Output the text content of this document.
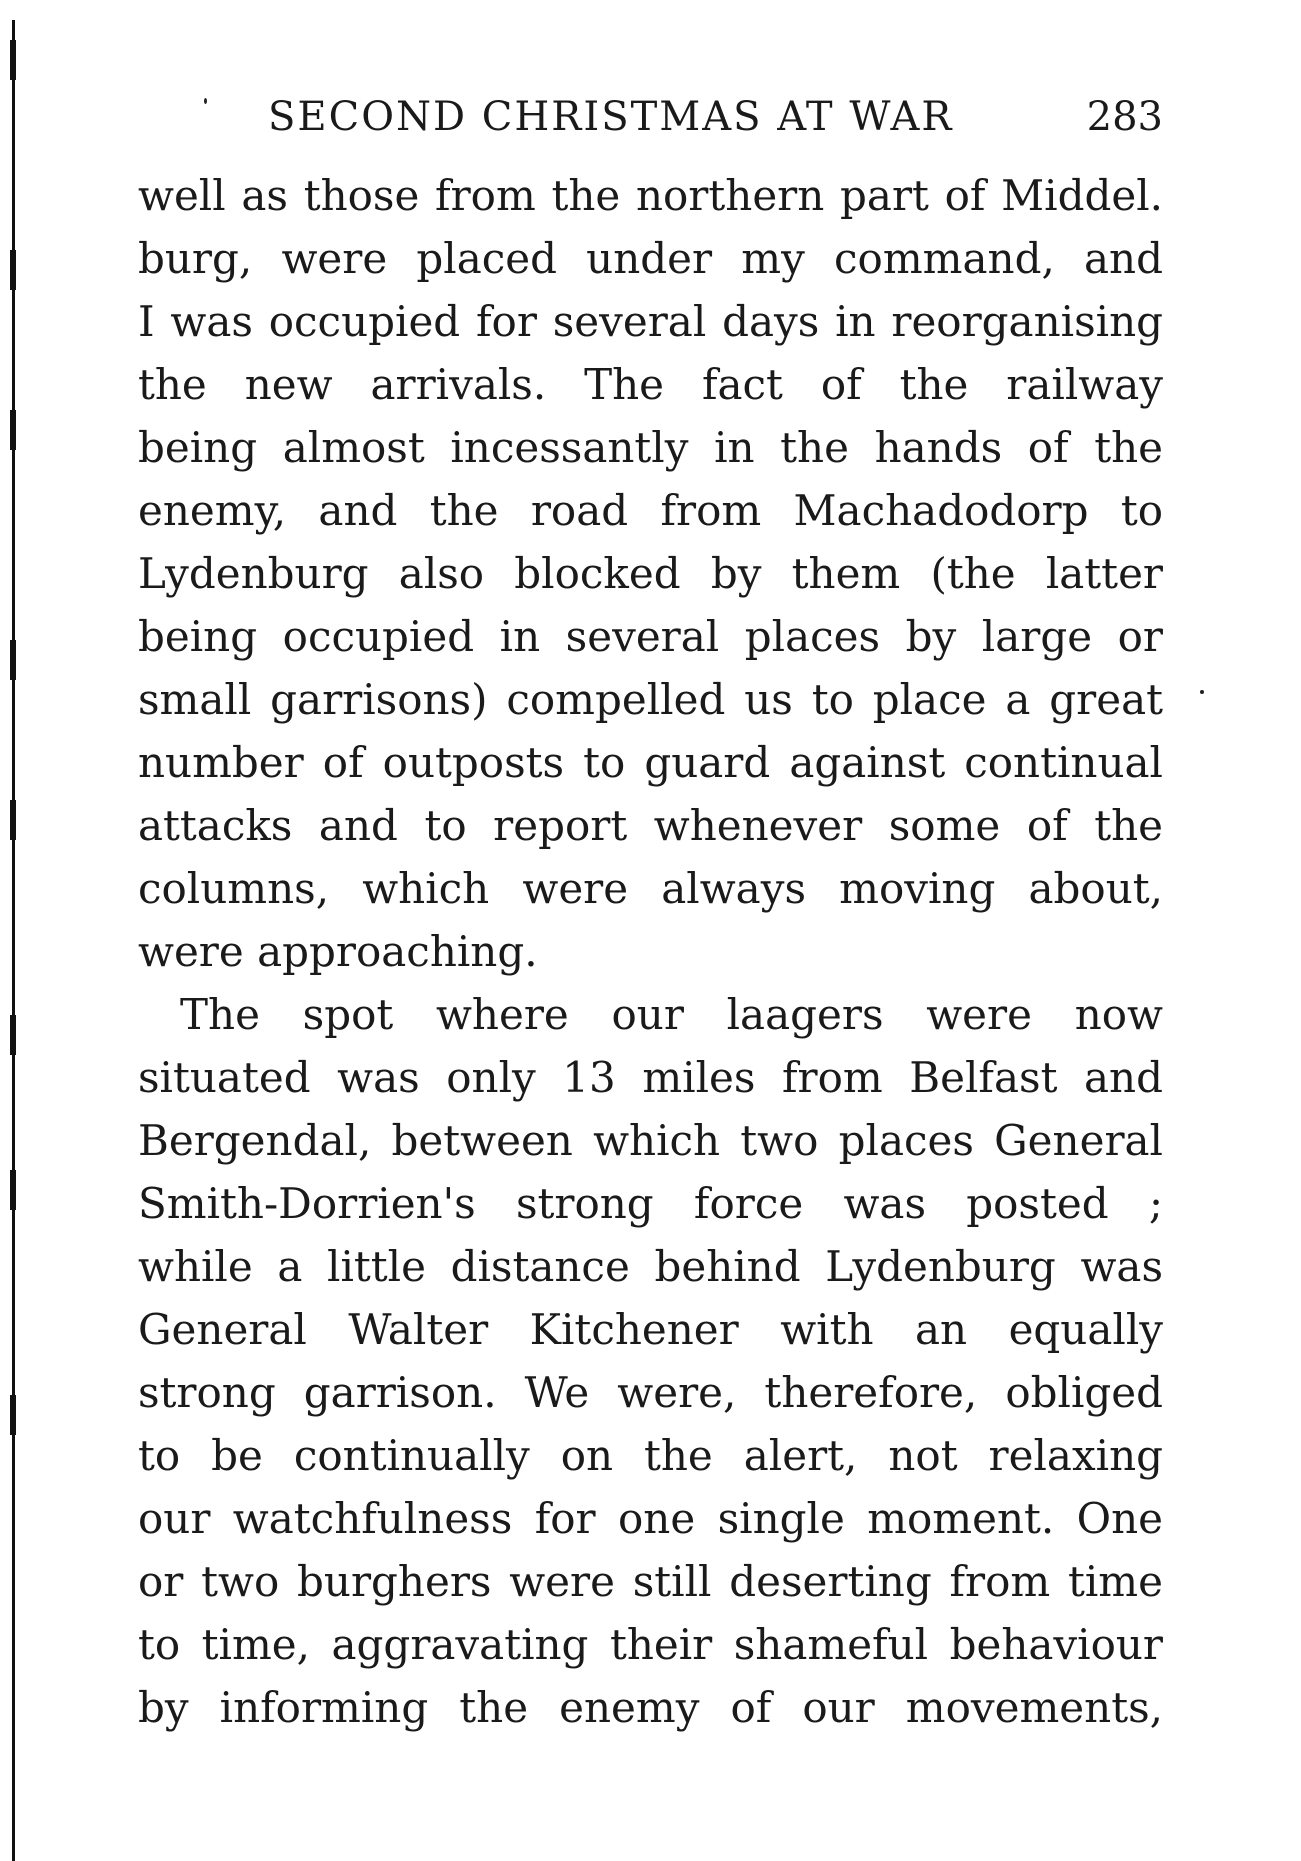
SECOND CHRISTMAS AT WAR	283
well as those from the northern part of Middel.
burg, were placed under my command, and
I was occupied for several days in reorganising
the new arrivals. The fact of the railway
being almost incessantly in the hands of the
enemy, and the road from Machadodorp to
Lydenburg also blocked by them (the latter
being occupied in several places by large or
small garrisons) compelled us to place a great
number of outposts to guard against continual
attacks and to report whenever some of the
columns, which were always moving about,
were approaching.
The spot where our laagers were now
situated was only 13 miles from Belfast and
Bergendal, between which two places General
Smith-Dorrien's strong force was posted ;
while a little distance behind Lydenburg was
General Walter Kitchener with an equally
strong garrison. We were, therefore, obliged
to be continually on the alert, not relaxing
our watchfulness for one single moment. One
or two burghers were still deserting from time
to time, aggravating their shameful behaviour
by informing the enemy of our movements,
